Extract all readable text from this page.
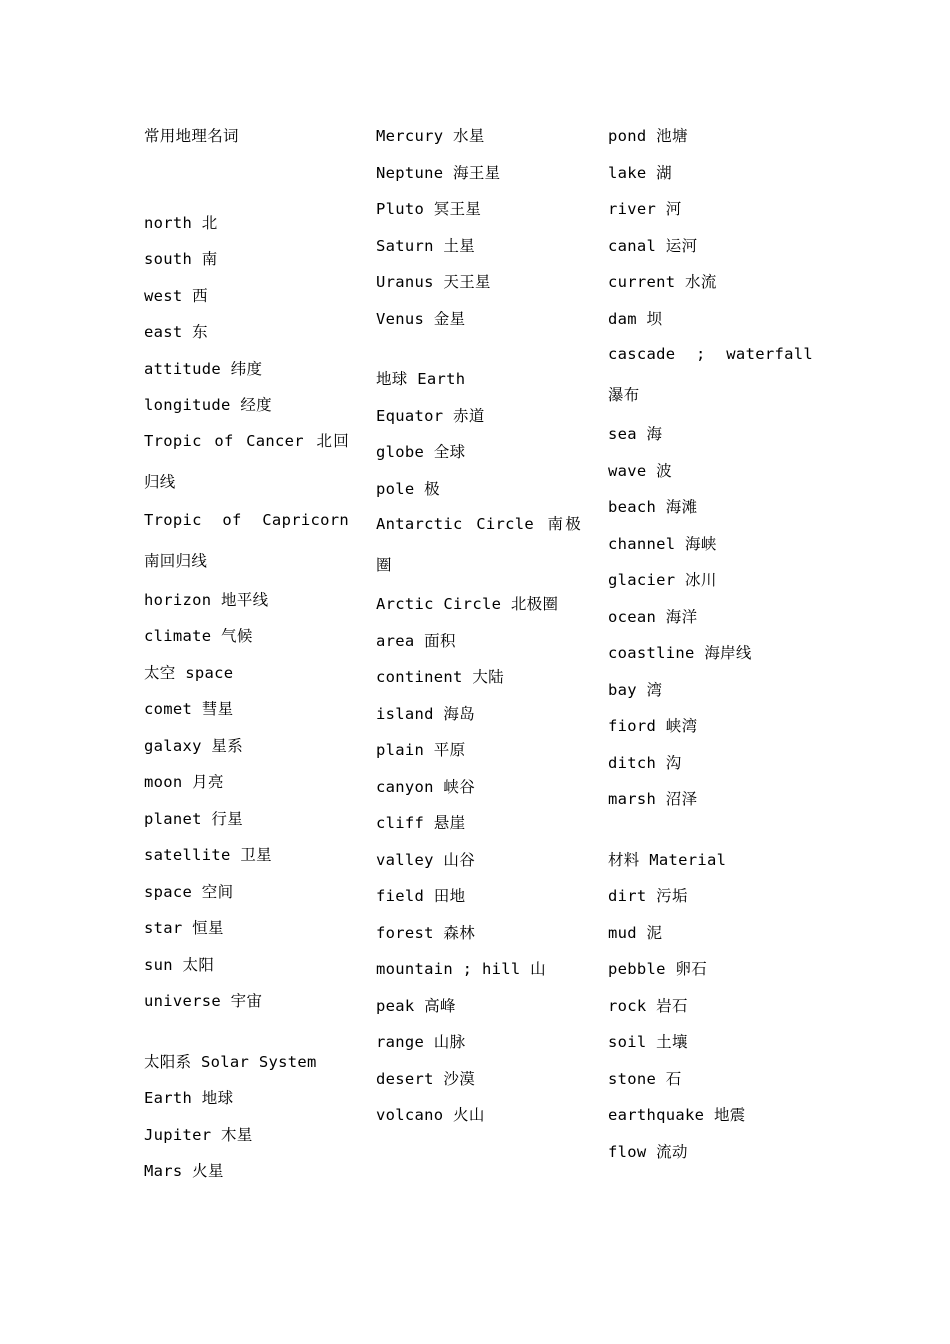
常用地理名词
north 北
south 南
west 西
east 东
attitude 纬度
longitude 经度
Tropic of Cancer 北回归线
Tropic of Capricorn 南回归线
horizon 地平线
climate 气候
太空 space
comet 彗星
galaxy 星系
moon 月亮
planet 行星
satellite 卫星
space 空间
star 恒星
sun 太阳
universe 宇宙
太阳系 Solar System
Earth 地球
Jupiter 木星
Mars 火星
Mercury 水星
Neptune 海王星
Pluto 冥王星
Saturn 土星
Uranus 天王星
Venus 金星
地球 Earth
Equator 赤道
globe 全球
pole 极
Antarctic Circle 南极圈
Arctic Circle 北极圈
area 面积
continent 大陆
island 海岛
plain 平原
canyon 峡谷
cliff 悬崖
valley 山谷
field 田地
forest 森林
mountain ; hill 山
peak 高峰
range 山脉
desert 沙漠
volcano 火山
pond 池塘
lake 湖
river 河
canal 运河
current 水流
dam 坝
cascade ; waterfall 瀑布
sea 海
wave 波
beach 海滩
channel 海峡
glacier 冰川
ocean 海洋
coastline 海岸线
bay 湾
fiord 峡湾
ditch 沟
marsh 沼泽
材料 Material
dirt 污垢
mud 泥
pebble 卵石
rock 岩石
soil 土壤
stone 石
earthquake 地震
flow 流动
